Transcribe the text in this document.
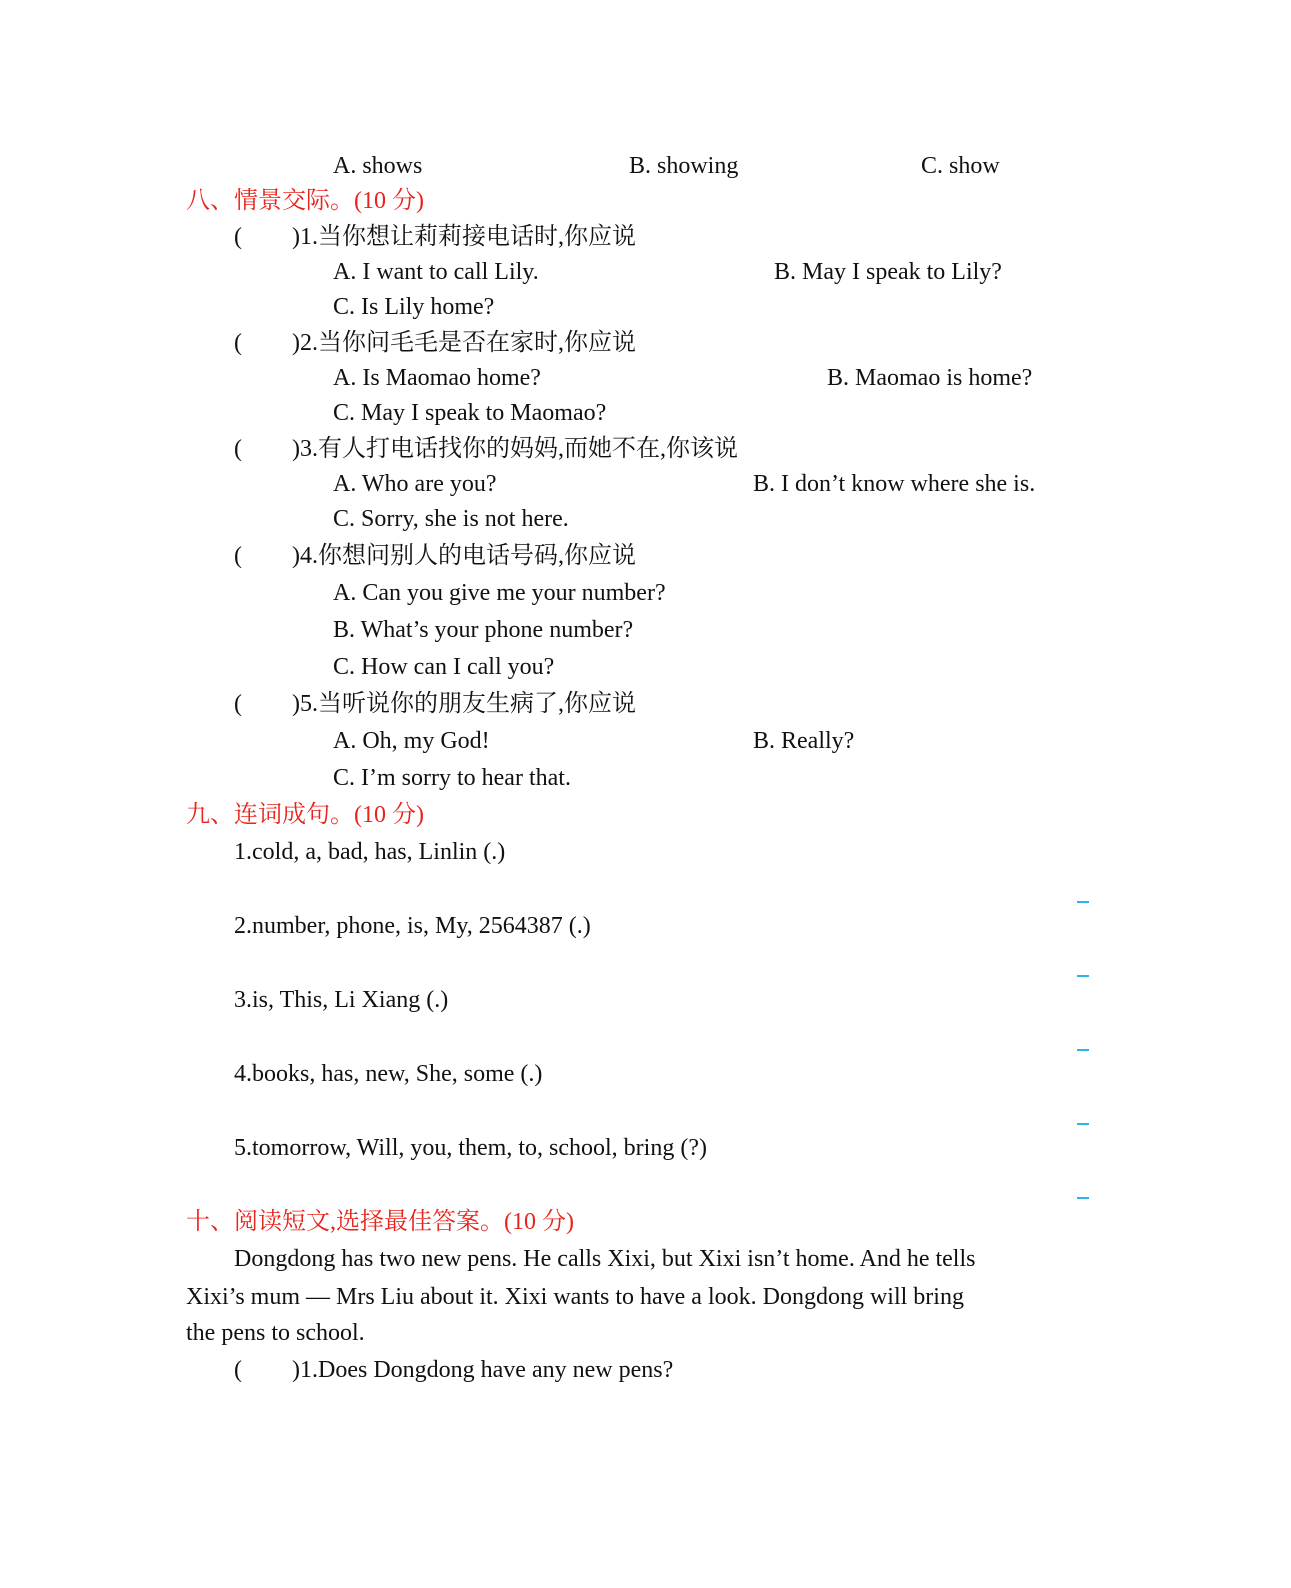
A. shows	B. showing	C. show
八、情景交际。(10 分)
( )1.当你想让莉莉接电话时,你应说
A. I want to call Lily.	B. May I speak to Lily?
C. Is Lily home?
( )2.当你问毛毛是否在家时,你应说
A. Is Maomao home?	B. Maomao is home?
C. May I speak to Maomao?
( )3.有人打电话找你的妈妈,而她不在,你该说
A. Who are you?	B. I don’t know where she is.
C. Sorry, she is not here.
( )4.你想问别人的电话号码,你应说
A. Can you give me your number?
B. What’s your phone number?
C. How can I call you?
( )5.当听说你的朋友生病了,你应说
A. Oh, my God!	B. Really?
C. I’m sorry to hear that.
九、连词成句。(10 分)
1.cold, a, bad, has, Linlin (.)
2.number, phone, is, My, 2564387 (.)
3.is, This, Li Xiang (.)
4.books, has, new, She, some (.)
5.tomorrow, Will, you, them, to, school, bring (?)
十、阅读短文,选择最佳答案。(10 分)
Dongdong has two new pens. He calls Xixi, but Xixi isn’t home. And he tells
Xixi’s mum — Mrs Liu about it. Xixi wants to have a look. Dongdong will bring
the pens to school.
( )1.Does Dongdong have any new pens?
